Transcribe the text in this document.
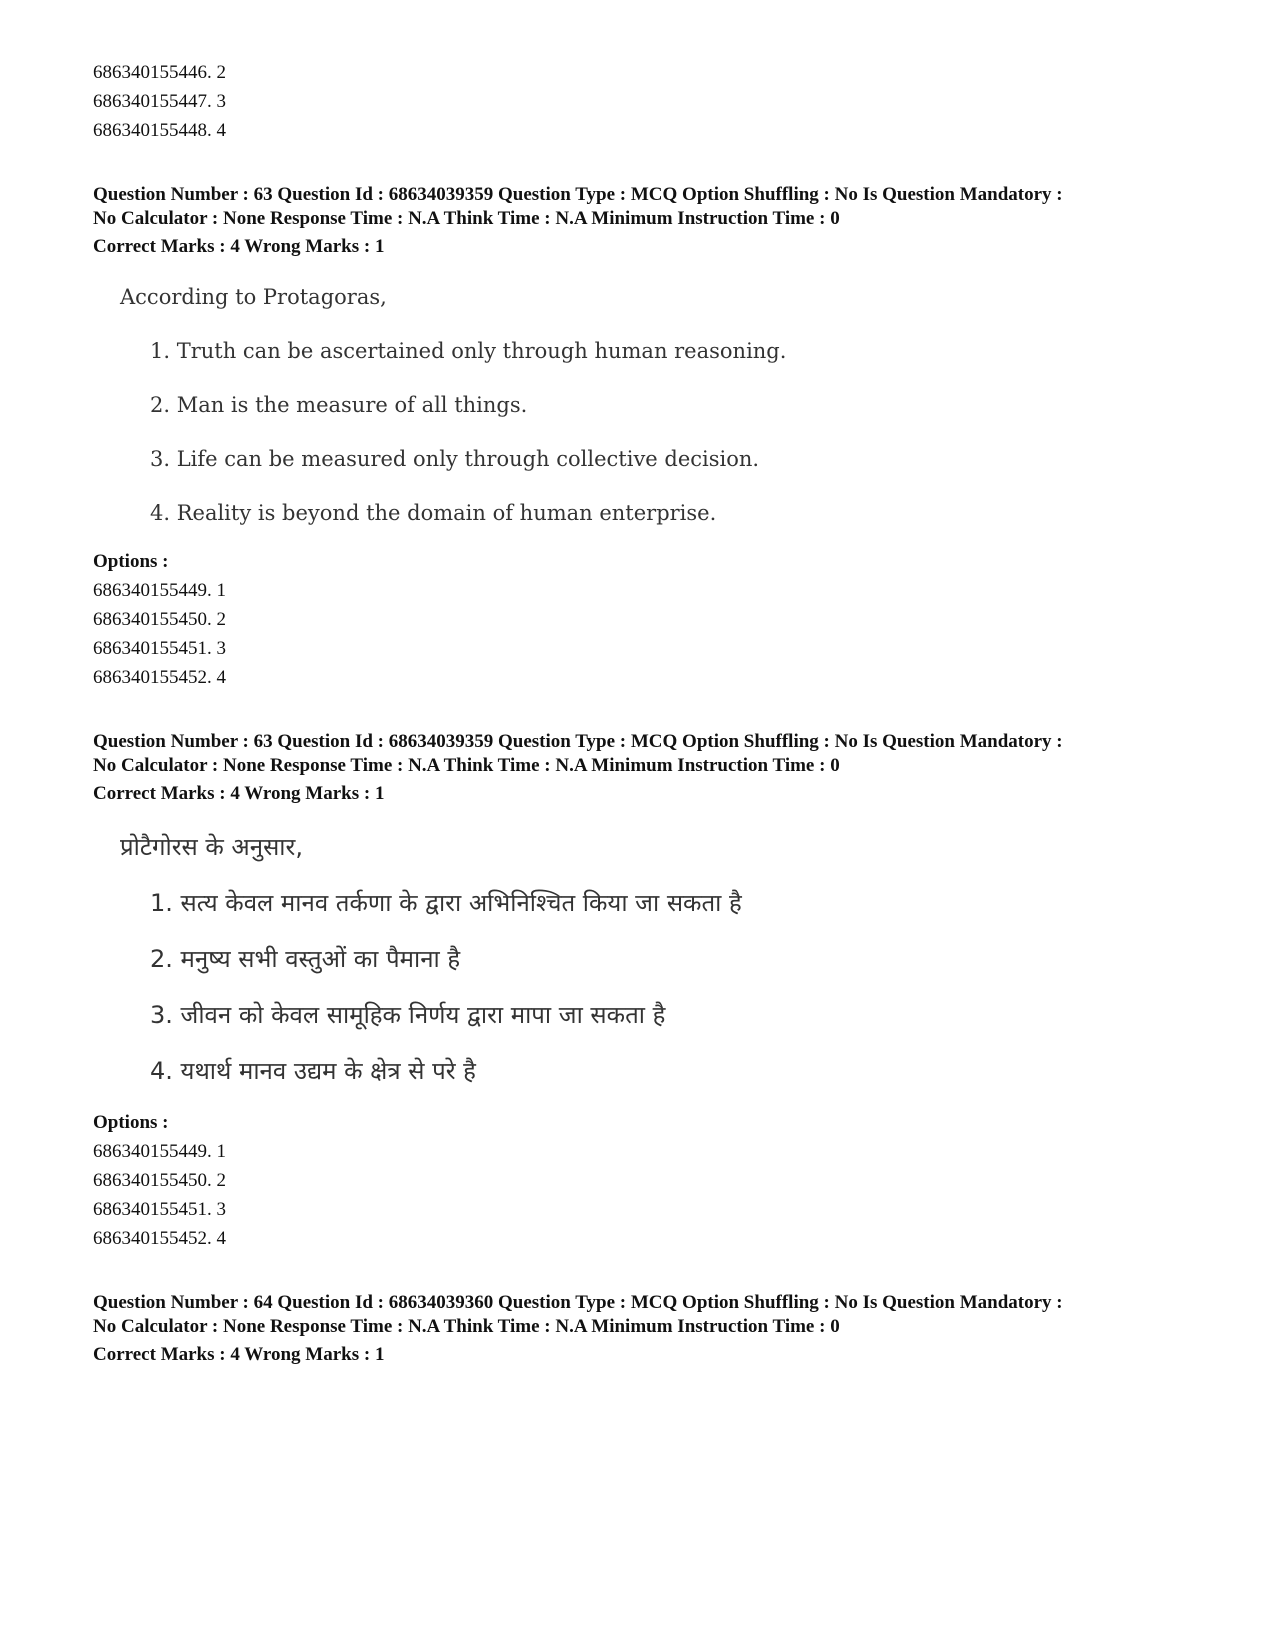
686340155446. 2
686340155447. 3
686340155448. 4
Question Number : 63 Question Id : 68634039359 Question Type : MCQ Option Shuffling : No Is Question Mandatory :
No Calculator : None Response Time : N.A Think Time : N.A Minimum Instruction Time : 0
Correct Marks : 4 Wrong Marks : 1
According to Protagoras,
1. Truth can be ascertained only through human reasoning.
2. Man is the measure of all things.
3. Life can be measured only through collective decision.
4. Reality is beyond the domain of human enterprise.
Options :
686340155449. 1
686340155450. 2
686340155451. 3
686340155452. 4
Question Number : 63 Question Id : 68634039359 Question Type : MCQ Option Shuffling : No Is Question Mandatory :
No Calculator : None Response Time : N.A Think Time : N.A Minimum Instruction Time : 0
Correct Marks : 4 Wrong Marks : 1
प्रोटैगोरस के अनुसार,
1. सत्य केवल मानव तर्कणा के द्वारा अभिनिश्चित किया जा सकता है
2. मनुष्य सभी वस्तुओं का पैमाना है
3. जीवन को केवल सामूहिक निर्णय द्वारा मापा जा सकता है
4. यथार्थ मानव उद्यम के क्षेत्र से परे है
Options :
686340155449. 1
686340155450. 2
686340155451. 3
686340155452. 4
Question Number : 64 Question Id : 68634039360 Question Type : MCQ Option Shuffling : No Is Question Mandatory :
No Calculator : None Response Time : N.A Think Time : N.A Minimum Instruction Time : 0
Correct Marks : 4 Wrong Marks : 1
